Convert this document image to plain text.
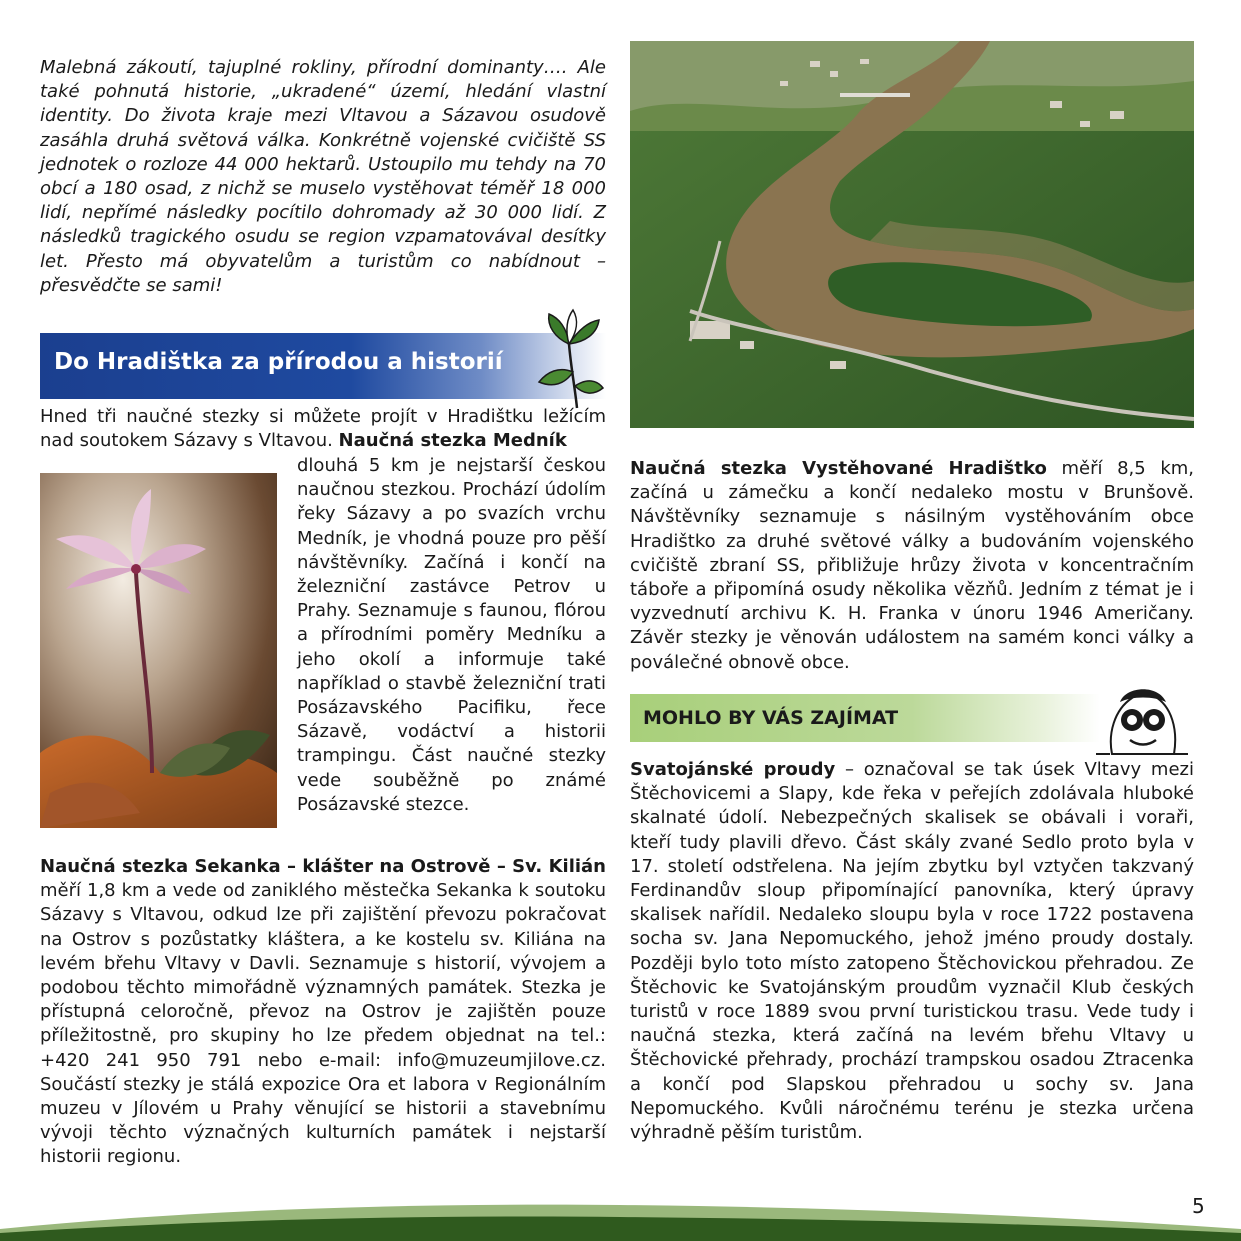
Malebná zákoutí, tajuplné rokliny, přírodní dominanty…. Ale také pohnutá historie, „ukradené“ území, hledání vlastní identity. Do života kraje mezi Vltavou a Sázavou osudově zasáhla druhá světová válka. Konkrétně vojenské cvičiště SS jednotek o rozloze 44 000 hektarů. Ustoupilo mu tehdy na 70 obcí a 180 osad, z nichž se muselo vystěhovat téměř 18 000 lidí, nepřímé následky pocítilo dohromady až 30 000 lidí. Z následků tragického osudu se region vzpamatovával desítky let. Přesto má obyvatelům a turistům co nabídnout – přesvědčte se sami!

Do Hradištka za přírodou a historií

Hned tři naučné stezky si můžete projít v Hradištku ležícím nad soutokem Sázavy s Vltavou. Naučná stezka Medník

dlouhá 5 km je nejstarší českou naučnou stezkou. Prochází údolím řeky Sázavy a po svazích vrchu Medník, je vhodná pouze pro pěší návštěvníky. Začíná i končí na železniční zastávce Petrov u Prahy. Seznamuje s faunou, flórou a přírodními poměry Medníku a jeho okolí a informuje také například o stavbě železniční trati Posázavského Pacifiku, řece Sázavě, vodáctví a historii trampingu. Část naučné stezky vede souběžně po známé Posázavské stezce.

Naučná stezka Sekanka – klášter na Ostrově – Sv. Kilián měří 1,8 km a vede od zaniklého městečka Sekanka k soutoku Sázavy s Vltavou, odkud lze při zajištění převozu pokračovat na Ostrov s pozůstatky kláštera, a ke kostelu sv. Kiliána na levém břehu Vltavy v Davli. Seznamuje s historií, vývojem a podobou těchto mimořádně významných památek. Stezka je přístupná celoročně, převoz na Ostrov je zajištěn pouze příležitostně, pro skupiny ho lze předem objednat na tel.: +420 241 950 791 nebo e-mail: info@muzeumjilove.cz. Součástí stezky je stálá expozice Ora et labora v Regionálním muzeu v Jílovém u Prahy věnující se historii a stavebnímu vývoji těchto význačných kulturních památek i nejstarší historii regionu.

Naučná stezka Vystěhované Hradištko měří 8,5 km, začíná u zámečku a končí nedaleko mostu v Brunšově. Návštěvníky seznamuje s násilným vystěhováním obce Hradištko za druhé světové války a budováním vojenského cvičiště zbraní SS, přibližuje hrůzy života v koncentračním táboře a připomíná osudy několika vězňů. Jedním z témat je i vyzvednutí archivu K. H. Franka v únoru 1946 Američany. Závěr stezky je věnován událostem na samém konci války a poválečné obnově obce.

MOHLO BY VÁS ZAJÍMAT

Svatojánské proudy – označoval se tak úsek Vltavy mezi Štěchovicemi a Slapy, kde řeka v peřejích zdolávala hluboké skalnaté údolí. Nebezpečných skalisek se obávali i voraři, kteří tudy plavili dřevo. Část skály zvané Sedlo proto byla v 17. století odstřelena. Na jejím zbytku byl vztyčen takzvaný Ferdinandův sloup připomínající panovníka, který úpravy skalisek nařídil. Nedaleko sloupu byla v roce 1722 postavena socha sv. Jana Nepomuckého, jehož jméno proudy dostaly. Později bylo toto místo zatopeno Štěchovickou přehradou. Ze Štěchovic ke Svatojánským proudům vyznačil Klub českých turistů v roce 1889 svou první turistickou trasu. Vede tudy i naučná stezka, která začíná na levém břehu Vltavy u Štěchovické přehrady, prochází trampskou osadou Ztracenka a končí pod Slapskou přehradou u sochy sv. Jana Nepomuckého. Kvůli náročnému terénu je stezka určena výhradně pěším turistům.

5
